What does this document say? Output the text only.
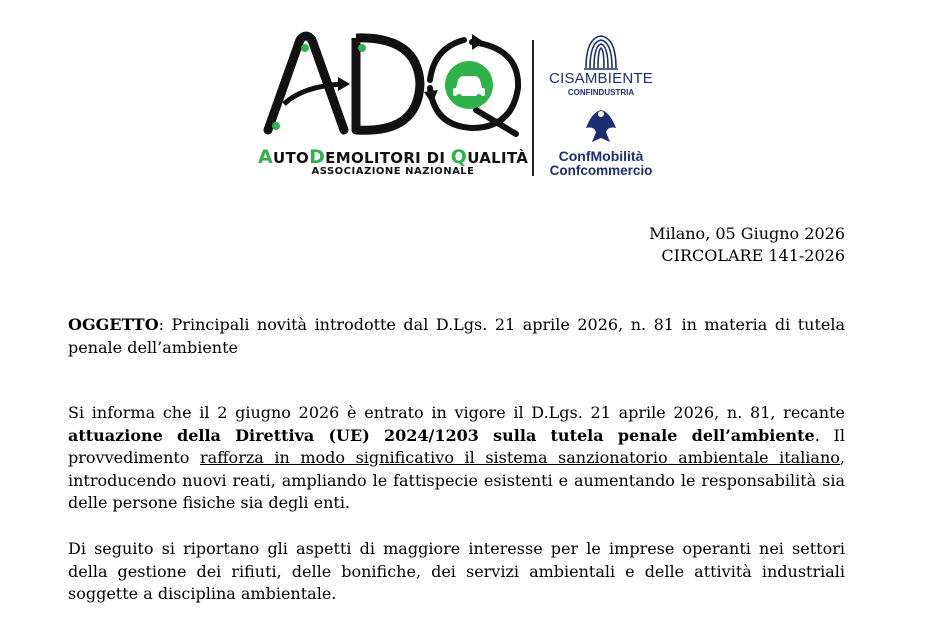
AUTODEMOLITORI DI QUALITÀ
ASSOCIAZIONE NAZIONALE
CISAMBIENTE
CONFINDUSTRIA
ConfMobilità
Confcommercio
Milano, 05 Giugno 2026
CIRCOLARE 141-2026
OGGETTO: Principali novità introdotte dal D.Lgs. 21 aprile 2026, n. 81 in materia di tutela penale dell’ambiente
Si informa che il 2 giugno 2026 è entrato in vigore il D.Lgs. 21 aprile 2026, n. 81, recante attuazione della Direttiva (UE) 2024/1203 sulla tutela penale dell’ambiente. Il provvedimento rafforza in modo significativo il sistema sanzionatorio ambientale italiano, introducendo nuovi reati, ampliando le fattispecie esistenti e aumentando le responsabilità sia delle persone fisiche sia degli enti.
Di seguito si riportano gli aspetti di maggiore interesse per le imprese operanti nei settori della gestione dei rifiuti, delle bonifiche, dei servizi ambientali e delle attività industriali soggette a disciplina ambientale.
